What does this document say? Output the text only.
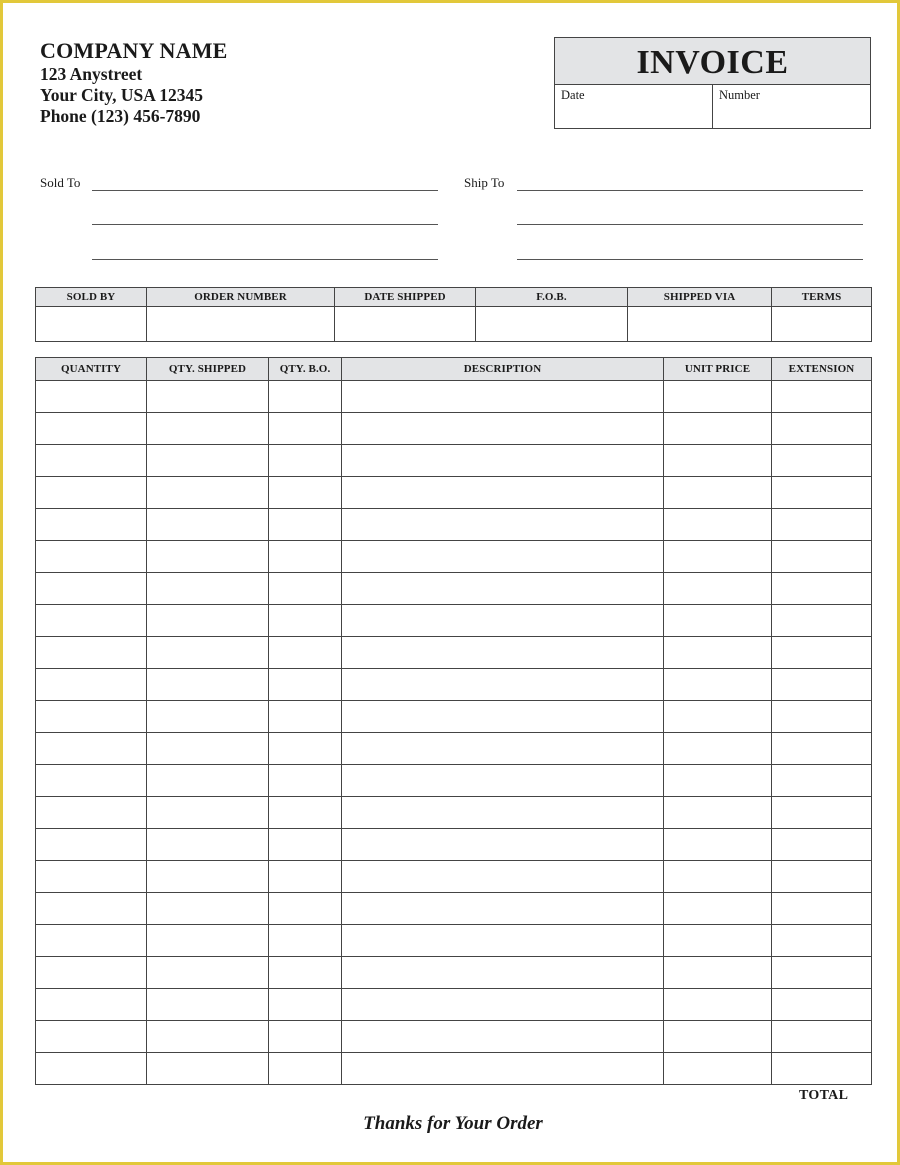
COMPANY NAME
123 Anystreet
Your City, USA 12345
Phone (123) 456-7890
INVOICE
Date	Number
Sold To	Ship To
SOLD BY	ORDER NUMBER	DATE SHIPPED	F.O.B.	SHIPPED VIA	TERMS

QUANTITY	QTY. SHIPPED	QTY. B.O.	DESCRIPTION	UNIT PRICE	EXTENSION

TOTAL
Thanks for Your Order
